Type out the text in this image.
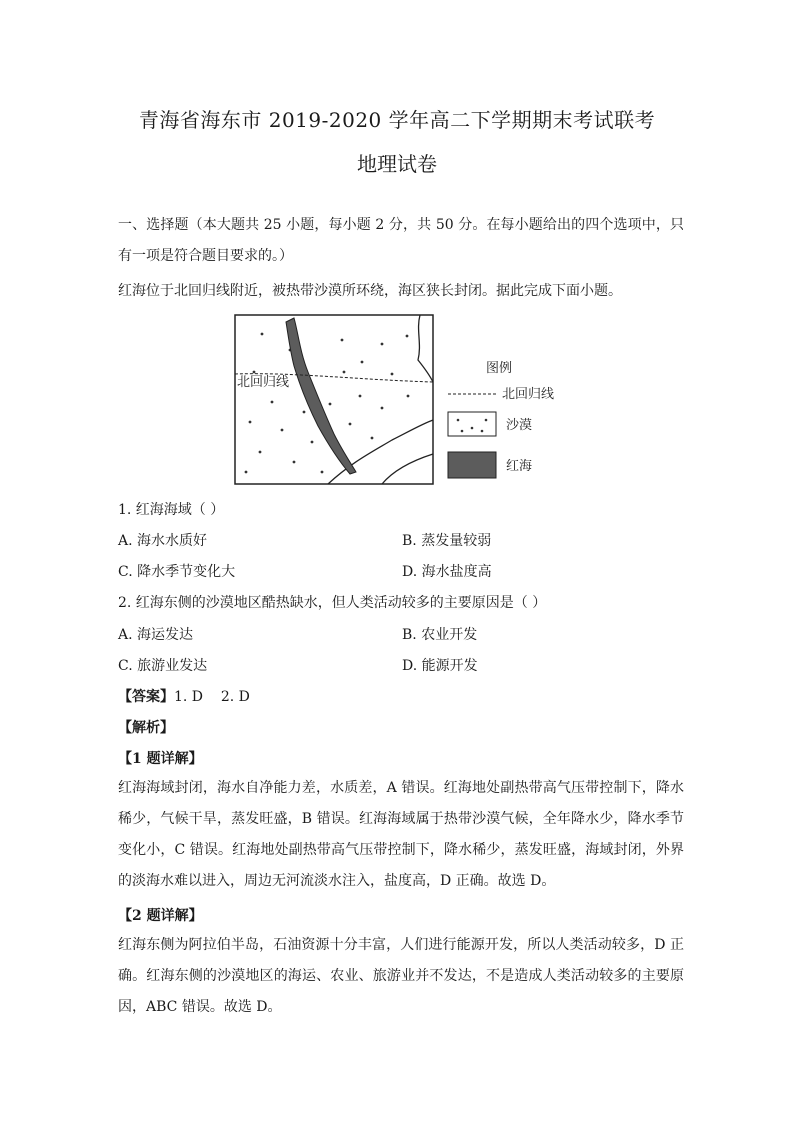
青海省海东市 2019-2020 学年高二下学期期末考试联考
地理试卷

一、选择题（本大题共 25 小题，每小题 2 分，共 50 分。在每小题给出的四个选项中，只有一项是符合题目要求的。）

红海位于北回归线附近，被热带沙漠所环绕，海区狭长封闭。据此完成下面小题。

北回归线
图例
北回归线
沙漠
红海
1. 红海海域（ ）
A. 海水水质好	B. 蒸发量较弱
C. 降水季节变化大	D. 海水盐度高
2. 红海东侧的沙漠地区酷热缺水，但人类活动较多的主要原因是（ ）
A. 海运发达	B. 农业开发
C. 旅游业发达	D. 能源开发
【答案】1. D    2. D
【解析】
【1 题详解】

红海海域封闭，海水自净能力差，水质差，A 错误。红海地处副热带高气压带控制下，降水稀少，气候干旱，蒸发旺盛，B 错误。红海海域属于热带沙漠气候，全年降水少，降水季节变化小，C 错误。红海地处副热带高气压带控制下，降水稀少，蒸发旺盛，海域封闭，外界的淡海水难以进入，周边无河流淡水注入，盐度高，D 正确。故选 D。

【2 题详解】

红海东侧为阿拉伯半岛，石油资源十分丰富，人们进行能源开发，所以人类活动较多，D 正确。红海东侧的沙漠地区的海运、农业、旅游业并不发达，不是造成人类活动较多的主要原因，ABC 错误。故选 D。
